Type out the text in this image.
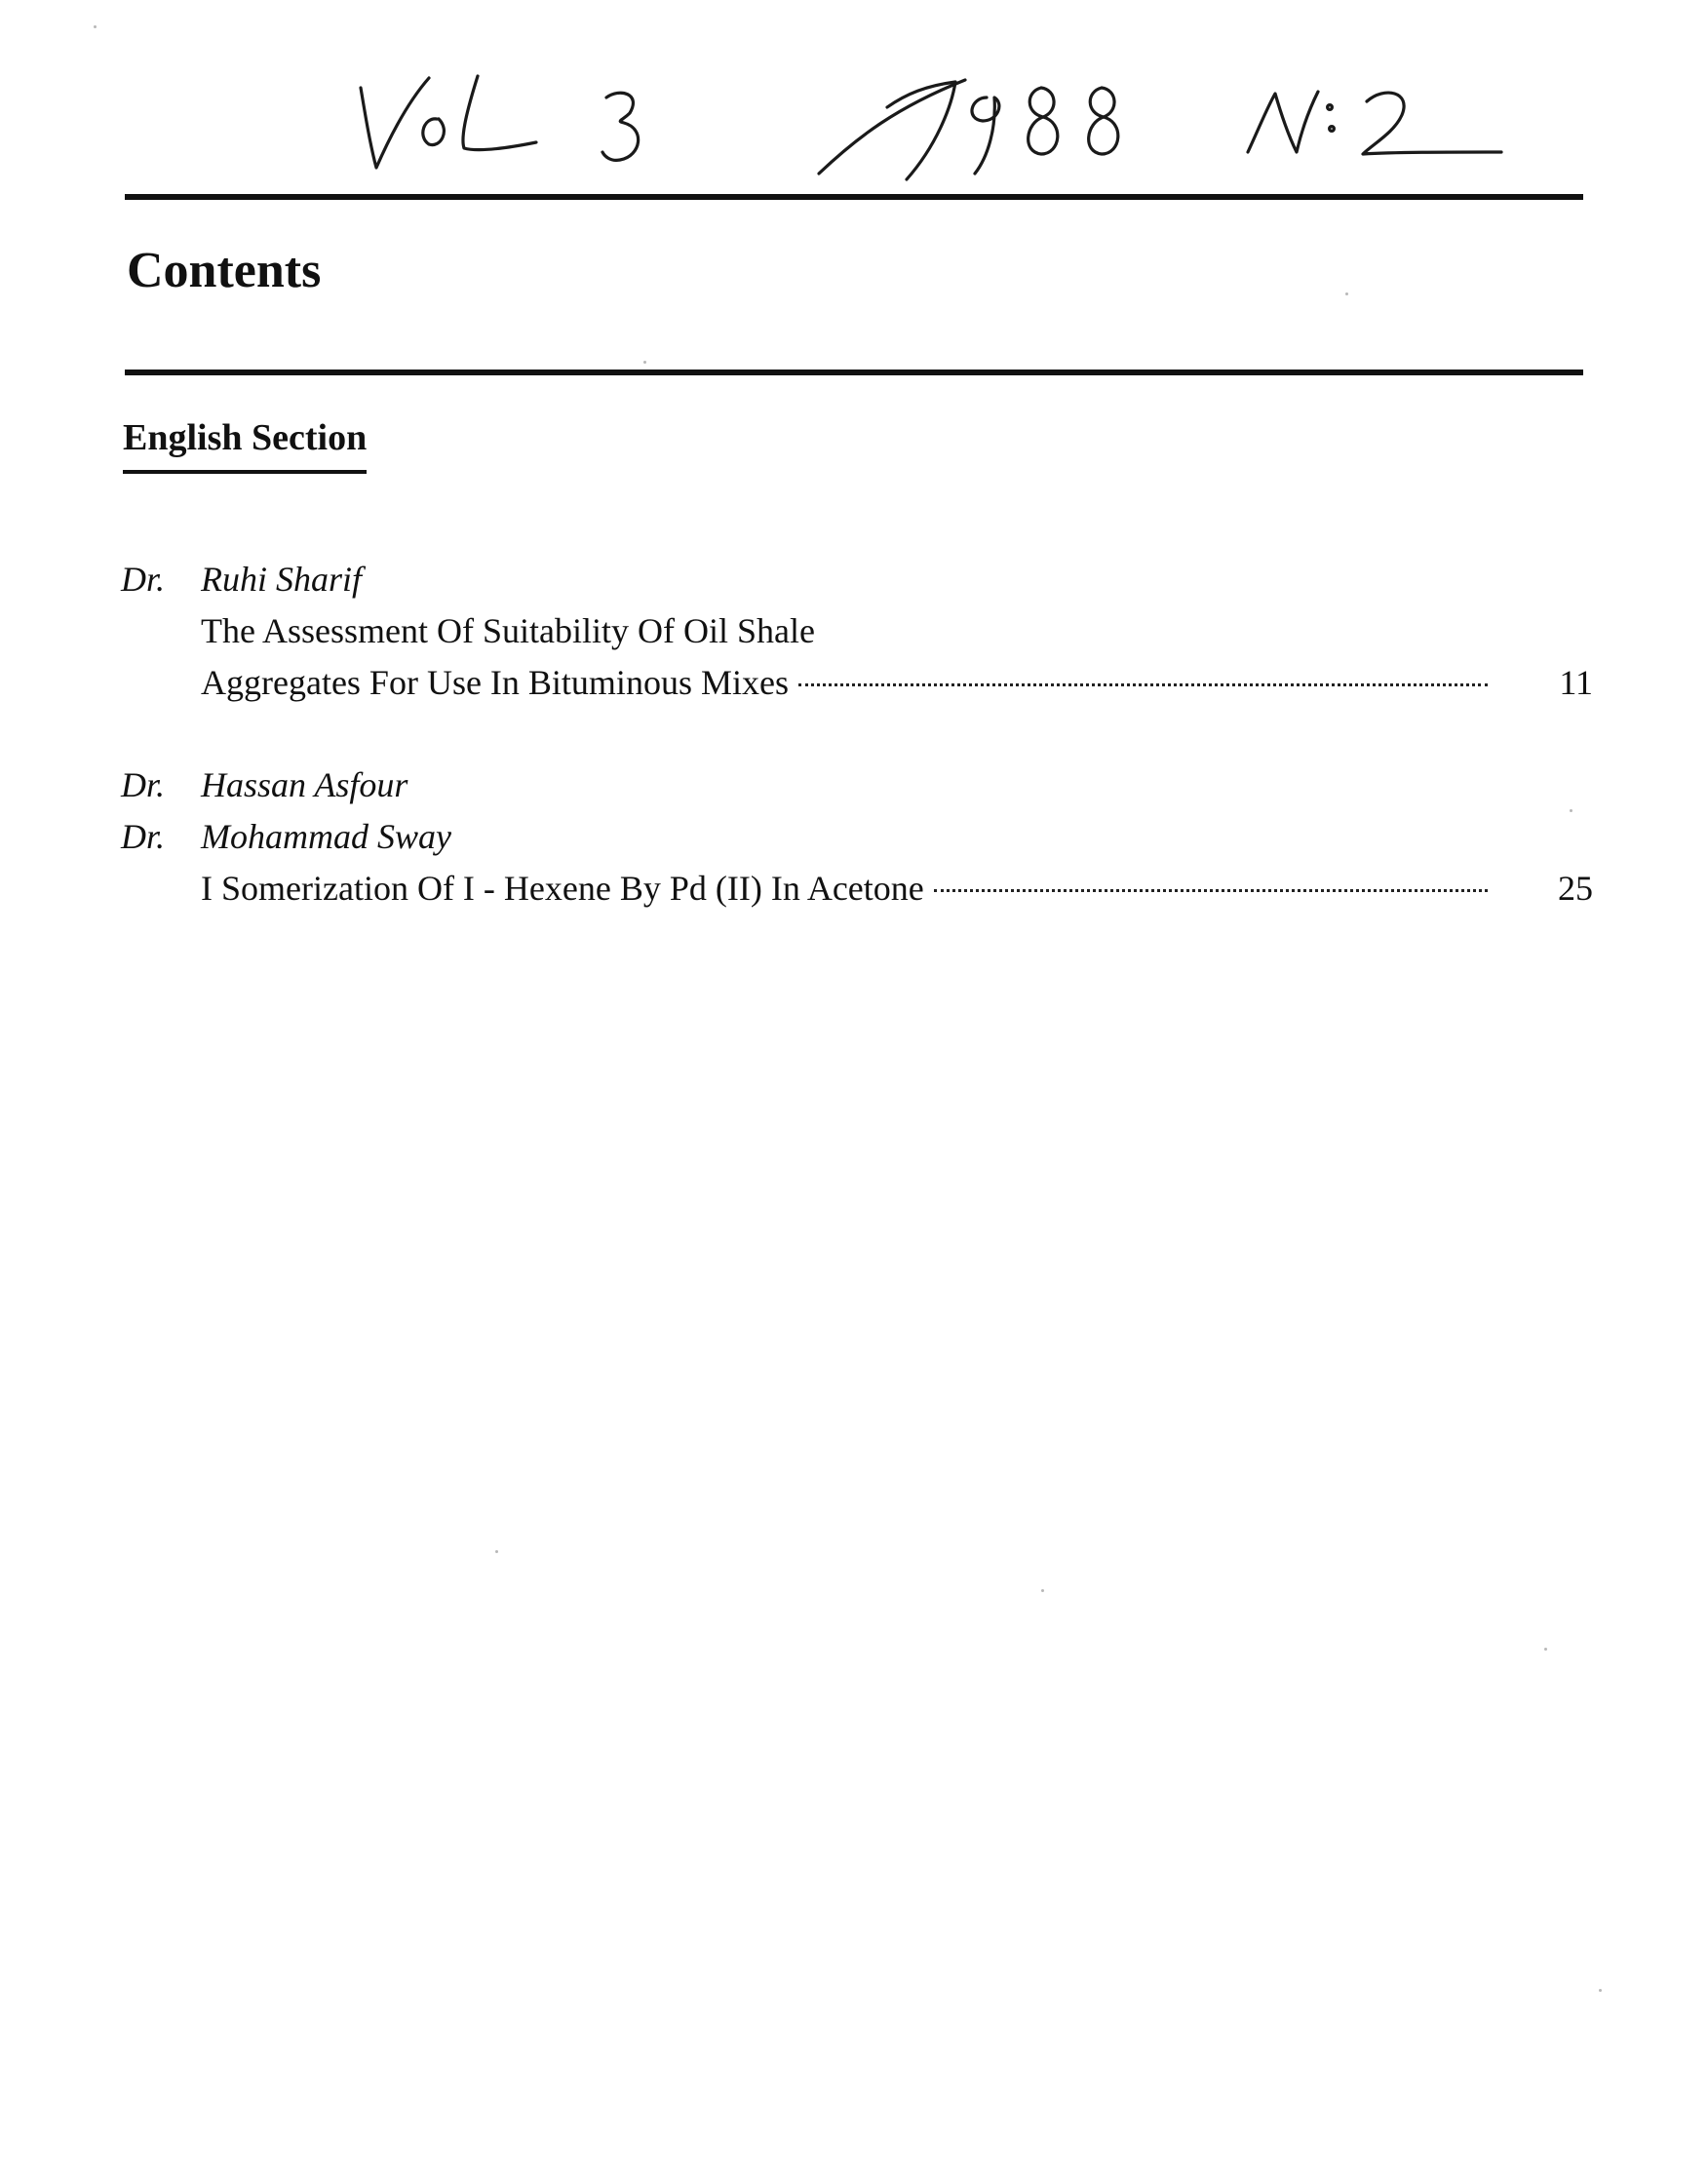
Contents
English Section
Dr.	Ruhi Sharif
The Assessment Of Suitability Of Oil Shale
Aggregates For Use In Bituminous Mixes	11
Dr.	Hassan Asfour
Dr.	Mohammad Sway
I Somerization Of I - Hexene By Pd (II) In Acetone	25
